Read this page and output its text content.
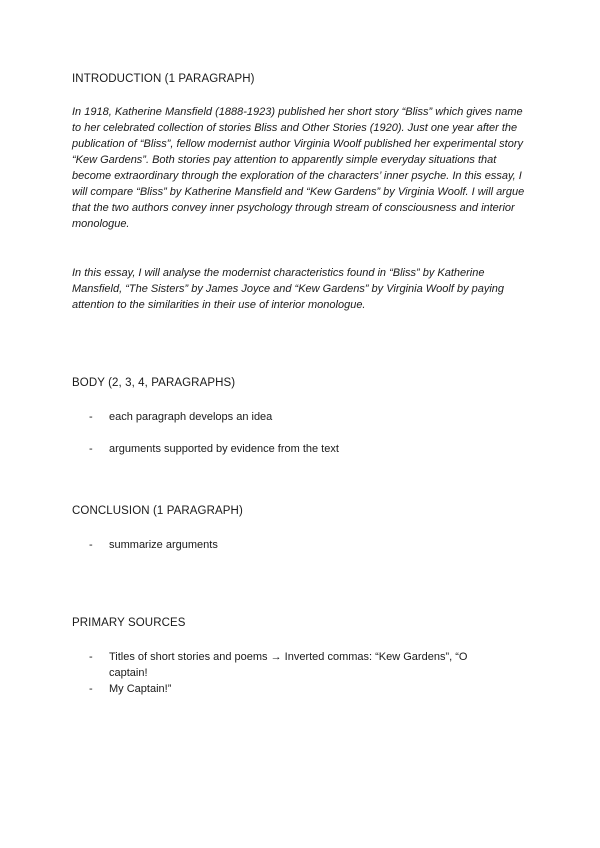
INTRODUCTION (1 PARAGRAPH)

In 1918, Katherine Mansfield (1888-1923) published her short story “Bliss” which gives name to her celebrated collection of stories Bliss and Other Stories (1920). Just one year after the publication of “Bliss”, fellow modernist author Virginia Woolf published her experimental story “Kew Gardens”. Both stories pay attention to apparently simple everyday situations that become extraordinary through the exploration of the characters’ inner psyche. In this essay, I will compare “Bliss” by Katherine Mansfield and “Kew Gardens” by Virginia Woolf. I will argue that the two authors convey inner psychology through stream of consciousness and interior monologue.

In this essay, I will analyse the modernist characteristics found in “Bliss” by Katherine Mansfield, “The Sisters” by James Joyce and “Kew Gardens” by Virginia Woolf by paying attention to the similarities in their use of interior monologue.

BODY (2, 3, 4, PARAGRAPHS)

- each paragraph develops an idea
- arguments supported by evidence from the text

CONCLUSION (1 PARAGRAPH)

- summarize arguments

PRIMARY SOURCES

- Titles of short stories and poems → Inverted commas: “Kew Gardens”, “O captain!
- My Captain!”
